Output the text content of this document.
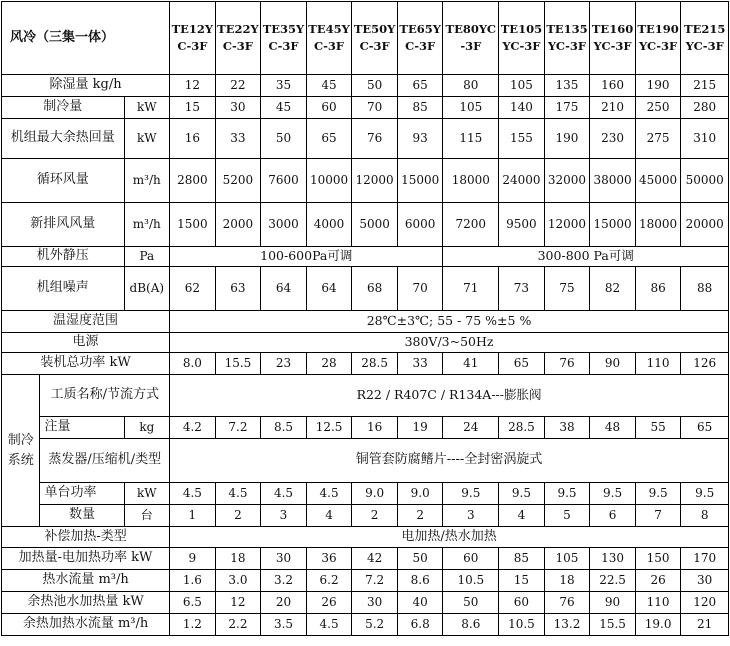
风冷（三集一体）			TE12YC-3F	TE22YC-3F	TE35YC-3F	TE45YC-3F	TE50YC-3F	TE65YC-3F	TE80YC-3F	TE105YC-3F	TE135YC-3F	TE160YC-3F	TE190YC-3F	TE215YC-3F
除湿量 kg/h			12	22	35	45	50	65	80	105	135	160	190	215
制冷量		kW	15	30	45	60	70	85	105	140	175	210	250	280
机组最大余热回量		kW	16	33	50	65	76	93	115	155	190	230	275	310
循环风量		m³/h	2800	5200	7600	10000	12000	15000	18000	24000	32000	38000	45000	50000
新排风风量		m³/h	1500	2000	3000	4000	5000	6000	7200	9500	12000	15000	18000	20000
机外静压		Pa	100-600Pa可调						300-800 Pa可调					
机组噪声		dB(A)	62	63	64	64	68	70	71	73	75	82	86	88
温湿度范围			28℃±3℃; 55 - 75 %±5 %											
电源			380V/3~50Hz											
装机总功率 kW			8.0	15.5	23	28	28.5	33	41	65	76	90	110	126
制冷系统	工质名称/节流方式		R22 / R407C / R134A---膨胀阀											
	注量	kg	4.2	7.2	8.5	12.5	16	19	24	28.5	38	48	55	65
	蒸发器/压缩机/类型		铜管套防腐鳍片----全封密涡旋式											
	单台功率	kW	4.5	4.5	4.5	4.5	9.0	9.0	9.5	9.5	9.5	9.5	9.5	9.5
	数量	台	1	2	3	4	2	2	3	4	5	6	7	8
补偿加热-类型			电加热/热水加热											
加热量-电加热功率 kW			9	18	30	36	42	50	60	85	105	130	150	170
热水流量 m³/h			1.6	3.0	3.2	6.2	7.2	8.6	10.5	15	18	22.5	26	30
余热池水加热量 kW			6.5	12	20	26	30	40	50	60	76	90	110	120
余热加热水流量 m³/h			1.2	2.2	3.5	4.5	5.2	6.8	8.6	10.5	13.2	15.5	19.0	21
